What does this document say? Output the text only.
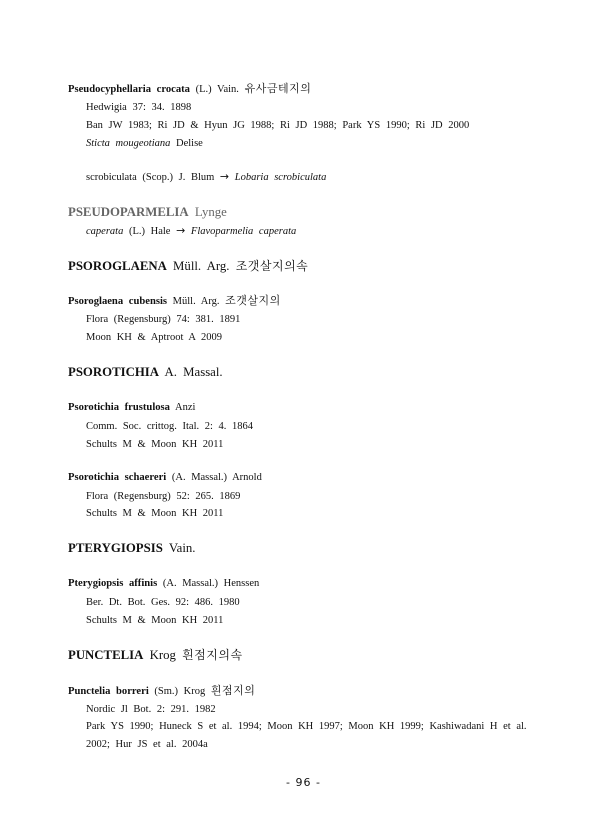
Pseudocyphellaria crocata (L.) Vain. 유사금테지의
Hedwigia 37: 34. 1898
Ban JW 1983; Ri JD & Hyun JG 1988; Ri JD 1988; Park YS 1990; Ri JD 2000
Sticta mougeotiana Delise
scrobiculata (Scop.) J. Blum → Lobaria scrobiculata
PSEUDOPARMELIA Lynge
caperata (L.) Hale → Flavoparmelia caperata
PSOROGLAENA Müll. Arg. 조갯살지의속
Psoroglaena cubensis Müll. Arg. 조갯살지의
Flora (Regensburg) 74: 381. 1891
Moon KH & Aptroot A 2009
PSOROTICHIA A. Massal.
Psorotichia frustulosa Anzi
Comm. Soc. crittog. Ital. 2: 4. 1864
Schults M & Moon KH 2011
Psorotichia schaereri (A. Massal.) Arnold
Flora (Regensburg) 52: 265. 1869
Schults M & Moon KH 2011
PTERYGIOPSIS Vain.
Pterygiopsis affinis (A. Massal.) Henssen
Ber. Dt. Bot. Ges. 92: 486. 1980
Schults M & Moon KH 2011
PUNCTELIA Krog 흰점지의속
Punctelia borreri (Sm.) Krog 흰점지의
Nordic Jl Bot. 2: 291. 1982
Park YS 1990; Huneck S et al. 1994; Moon KH 1997; Moon KH 1999; Kashiwadani H et al.
2002; Hur JS et al. 2004a
- 96 -
